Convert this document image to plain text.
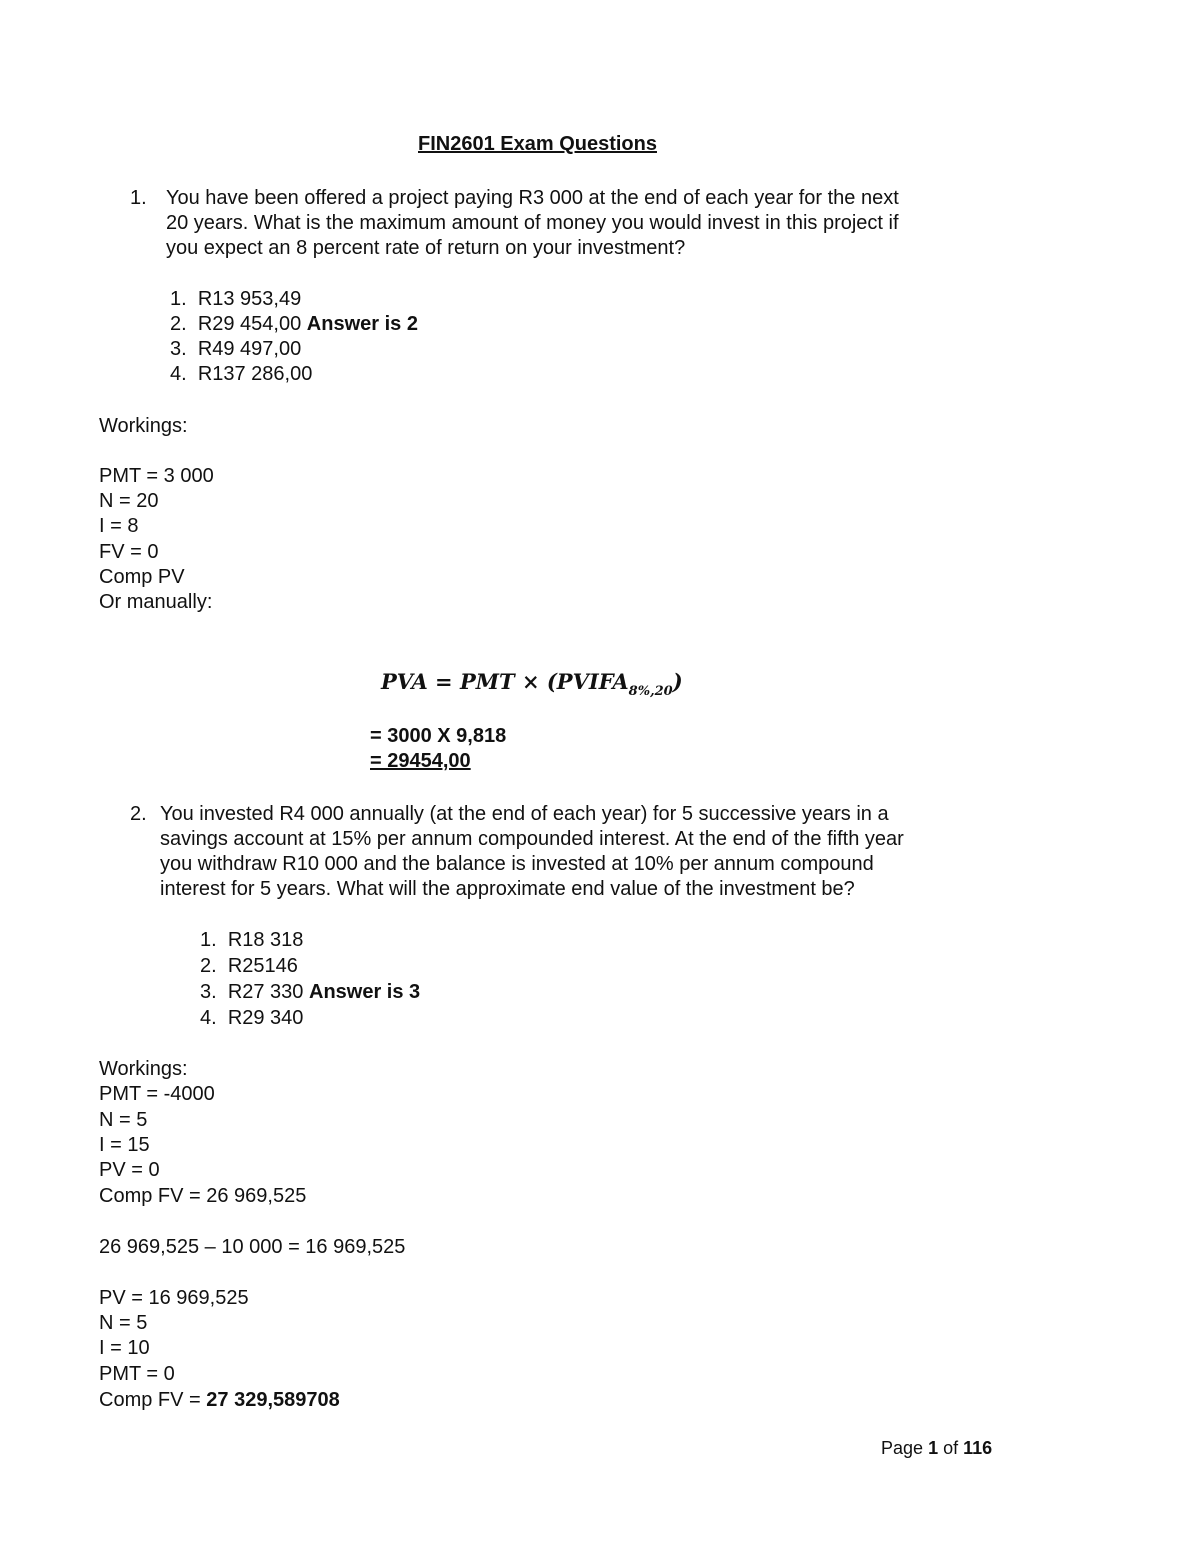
FIN2601 Exam Questions
1. You have been offered a project paying R3 000 at the end of each year for the next
20 years. What is the maximum amount of money you would invest in this project if
you expect an 8 percent rate of return on your investment?
1. R13 953,49
2. R29 454,00 Answer is 2
3. R49 497,00
4. R137 286,00
Workings:
PMT = 3 000
N = 20
I = 8
FV = 0
Comp PV
Or manually:
PVA = PMT × $(PVIFA_{8\%,20})$
= 3000 X 9,818
= 29454,00
2. You invested R4 000 annually (at the end of each year) for 5 successive years in a
savings account at 15% per annum compounded interest. At the end of the fifth year
you withdraw R10 000 and the balance is invested at 10% per annum compound
interest for 5 years. What will the approximate end value of the investment be?
1. R18 318
2. R25146
3. R27 330 Answer is 3
4. R29 340
Workings:
PMT = -4000
N = 5
I = 15
PV = 0
Comp FV = 26 969,525
26 969,525 – 10 000 = 16 969,525
PV = 16 969,525
N = 5
I = 10
PMT = 0
Comp FV = 27 329,589708
Page 1 of 116
